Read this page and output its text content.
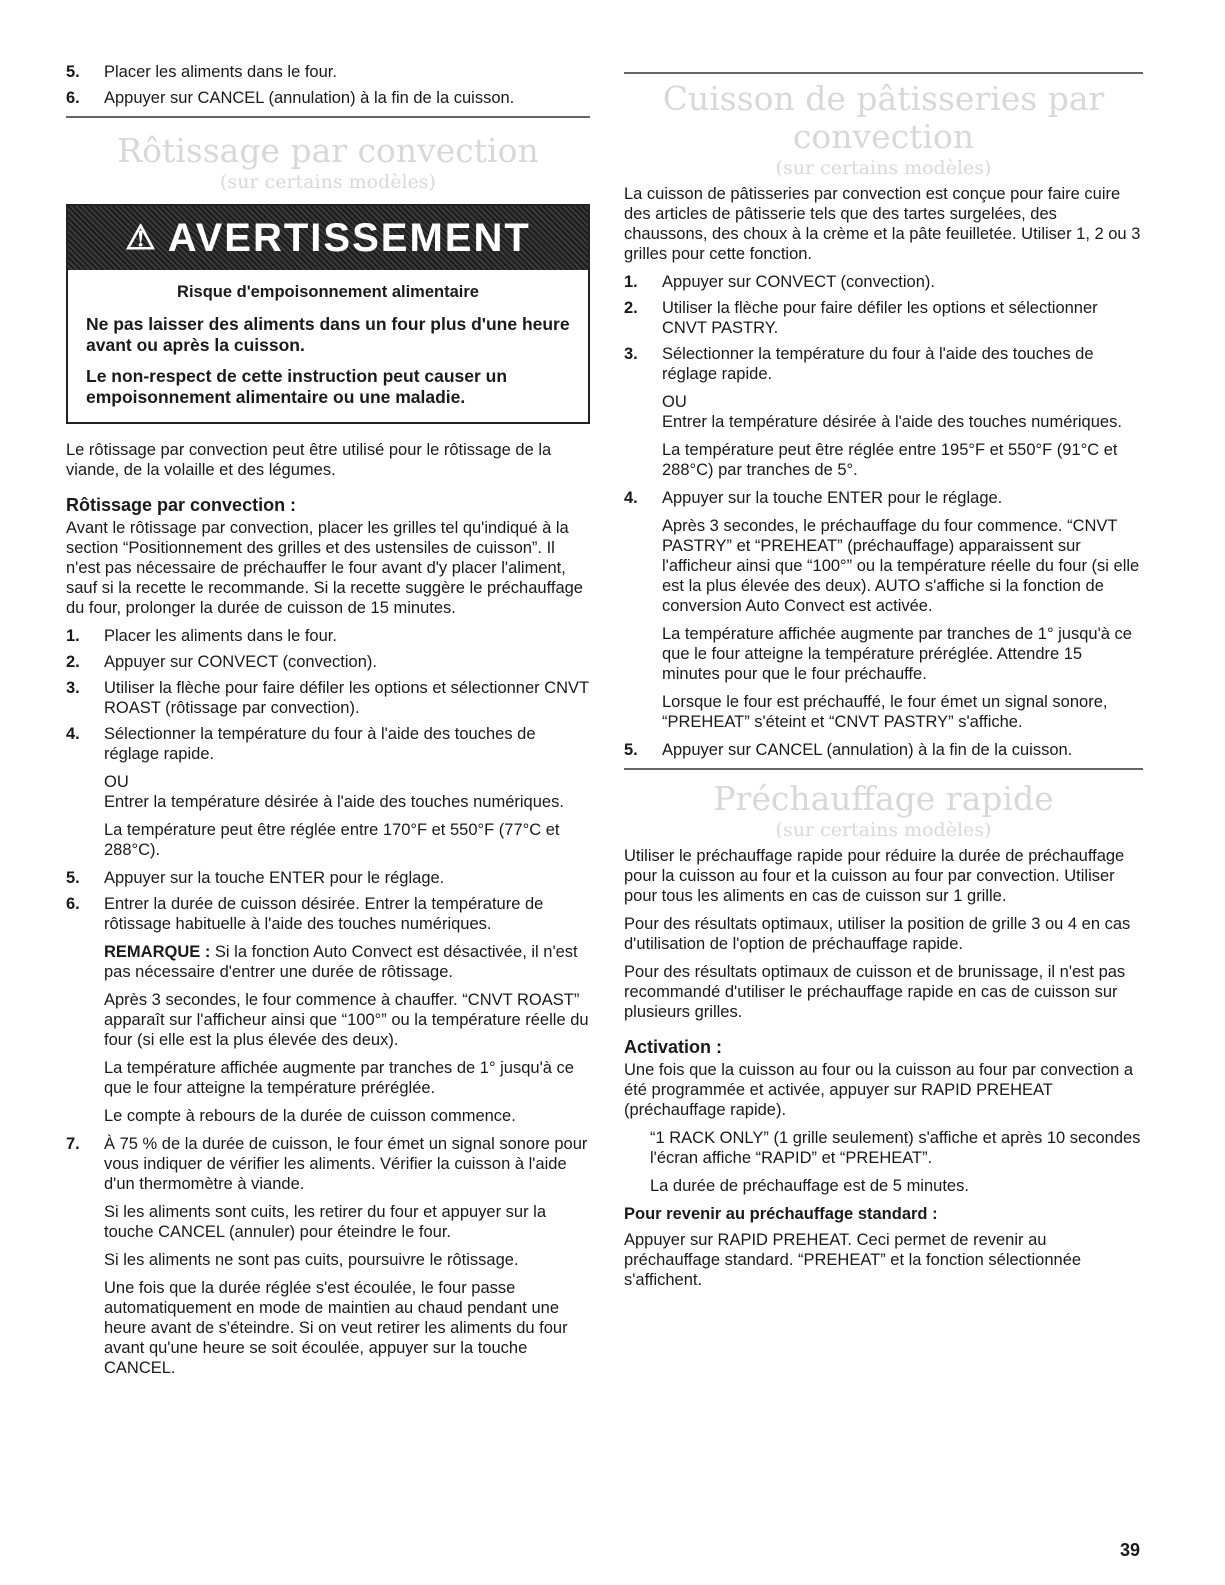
5. Placer les aliments dans le four.
6. Appuyer sur CANCEL (annulation) à la fin de la cuisson.
Rôtissage par convection
(sur certains modèles)
⚠ AVERTISSEMENT

Risque d'empoisonnement alimentaire

Ne pas laisser des aliments dans un four plus d'une heure avant ou après la cuisson.

Le non-respect de cette instruction peut causer un empoisonnement alimentaire ou une maladie.

Le rôtissage par convection peut être utilisé pour le rôtissage de la viande, de la volaille et des légumes.

Rôtissage par convection :

Avant le rôtissage par convection, placer les grilles tel qu'indiqué à la section “Positionnement des grilles et des ustensiles de cuisson”. Il n'est pas nécessaire de préchauffer le four avant d'y placer l'aliment, sauf si la recette le recommande. Si la recette suggère le préchauffage du four, prolonger la durée de cuisson de 15 minutes.

1. Placer les aliments dans le four.
2. Appuyer sur CONVECT (convection).
3. Utiliser la flèche pour faire défiler les options et sélectionner CNVT ROAST (rôtissage par convection).
4. Sélectionner la température du four à l'aide des touches de réglage rapide.

OU

Entrer la température désirée à l'aide des touches numériques.

La température peut être réglée entre 170°F et 550°F (77°C et 288°C).

5. Appuyer sur la touche ENTER pour le réglage.
6. Entrer la durée de cuisson désirée. Entrer la température de rôtissage habituelle à l'aide des touches numériques.

REMARQUE : Si la fonction Auto Convect est désactivée, il n'est pas nécessaire d'entrer une durée de rôtissage.

Après 3 secondes, le four commence à chauffer. “CNVT ROAST” apparaît sur l'afficheur ainsi que “100°” ou la température réelle du four (si elle est la plus élevée des deux).

La température affichée augmente par tranches de 1° jusqu'à ce que le four atteigne la température préréglée.

Le compte à rebours de la durée de cuisson commence.

7. À 75 % de la durée de cuisson, le four émet un signal sonore pour vous indiquer de vérifier les aliments. Vérifier la cuisson à l'aide d'un thermomètre à viande.

Si les aliments sont cuits, les retirer du four et appuyer sur la touche CANCEL (annuler) pour éteindre le four.

Si les aliments ne sont pas cuits, poursuivre le rôtissage.

Une fois que la durée réglée s'est écoulée, le four passe automatiquement en mode de maintien au chaud pendant une heure avant de s'éteindre. Si on veut retirer les aliments du four avant qu'une heure se soit écoulée, appuyer sur la touche CANCEL.

Cuisson de pâtisseries par convection
(sur certains modèles)

La cuisson de pâtisseries par convection est conçue pour faire cuire des articles de pâtisserie tels que des tartes surgelées, des chaussons, des choux à la crème et la pâte feuilletée. Utiliser 1, 2 ou 3 grilles pour cette fonction.

1. Appuyer sur CONVECT (convection).
2. Utiliser la flèche pour faire défiler les options et sélectionner CNVT PASTRY.
3. Sélectionner la température du four à l'aide des touches de réglage rapide.

OU

Entrer la température désirée à l'aide des touches numériques.

La température peut être réglée entre 195°F et 550°F (91°C et 288°C) par tranches de 5°.

4. Appuyer sur la touche ENTER pour le réglage.

Après 3 secondes, le préchauffage du four commence. “CNVT PASTRY” et “PREHEAT” (préchauffage) apparaissent sur l'afficheur ainsi que “100°” ou la température réelle du four (si elle est la plus élevée des deux). AUTO s'affiche si la fonction de conversion Auto Convect est activée.

La température affichée augmente par tranches de 1° jusqu'à ce que le four atteigne la température préréglée. Attendre 15 minutes pour que le four préchauffe.

Lorsque le four est préchauffé, le four émet un signal sonore, “PREHEAT” s'éteint et “CNVT PASTRY” s'affiche.

5. Appuyer sur CANCEL (annulation) à la fin de la cuisson.
Préchauffage rapide
(sur certains modèles)

Utiliser le préchauffage rapide pour réduire la durée de préchauffage pour la cuisson au four et la cuisson au four par convection. Utiliser pour tous les aliments en cas de cuisson sur 1 grille.

Pour des résultats optimaux, utiliser la position de grille 3 ou 4 en cas d'utilisation de l'option de préchauffage rapide.

Pour des résultats optimaux de cuisson et de brunissage, il n'est pas recommandé d'utiliser le préchauffage rapide en cas de cuisson sur plusieurs grilles.

Activation :

Une fois que la cuisson au four ou la cuisson au four par convection a été programmée et activée, appuyer sur RAPID PREHEAT (préchauffage rapide).

“1 RACK ONLY” (1 grille seulement) s'affiche et après 10 secondes l'écran affiche “RAPID” et “PREHEAT”.

La durée de préchauffage est de 5 minutes.

Pour revenir au préchauffage standard :

Appuyer sur RAPID PREHEAT. Ceci permet de revenir au préchauffage standard. “PREHEAT” et la fonction sélectionnée s'affichent.

39
